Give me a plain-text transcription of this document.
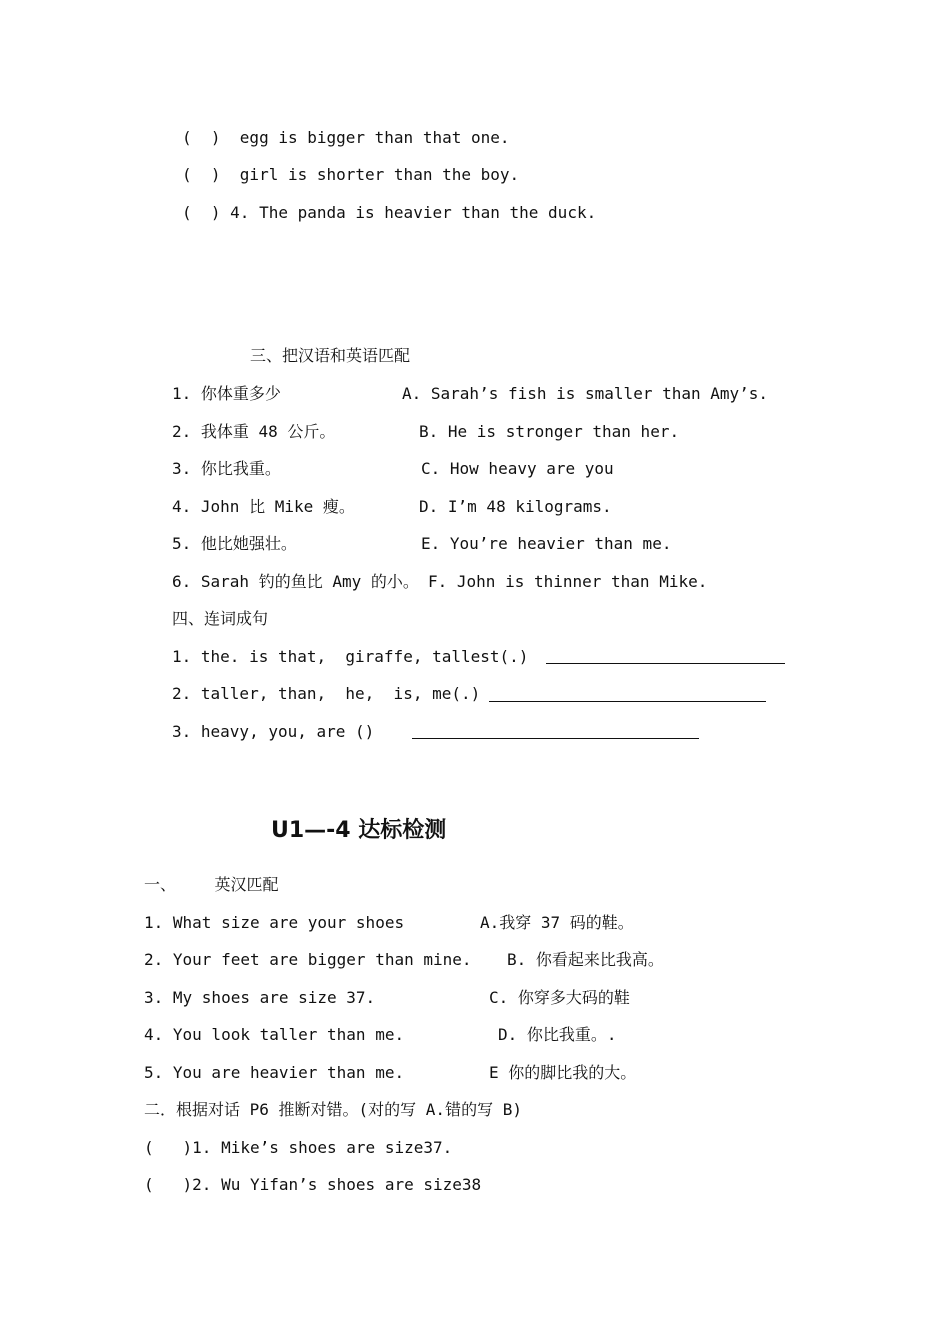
(  )  egg is bigger than that one.
(  )  girl is shorter than the boy.
(  ) 4. The panda is heavier than the duck.
三、把汉语和英语匹配
1. 你体重多少	A. Sarah’s fish is smaller than Amy’s.
2. 我体重 48 公斤。	B. He is stronger than her.
3. 你比我重。	C. How heavy are you
4. John 比 Mike 瘦。	D. I’m 48 kilograms.
5. 他比她强壮。	E. You’re heavier than me.
6. Sarah 钓的鱼比 Amy 的小。 F. John is thinner than Mike.
四、连词成句
1. the. is that,  giraffe, tallest(.)
2. taller, than,  he,  is, me(.)
3. heavy, you, are ()
U1—-4 达标检测
一、    英汉匹配
1. What size are your shoes	A.我穿 37 码的鞋。
2. Your feet are bigger than mine. B. 你看起来比我高。
3. My shoes are size 37.	C. 你穿多大码的鞋
4. You look taller than me.	D. 你比我重。.
5. You are heavier than me.	E 你的脚比我的大。
二．根据对话 P6 推断对错。(对的写 A.错的写 B)
(   )1. Mike’s shoes are size37.
(   )2. Wu Yifan’s shoes are size38
